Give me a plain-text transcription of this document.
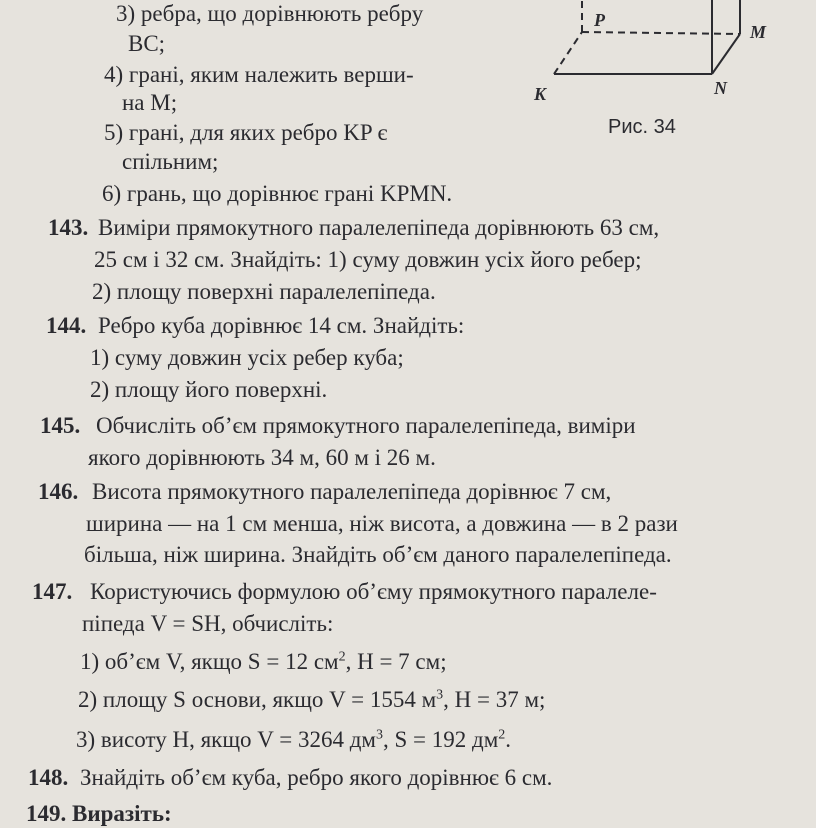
P
M
K	N
Рис. 34
3) ребра, що дорівнюють ребру
BC;
4) грані, яким належить верши-
на M;
5) грані, для яких ребро KP є
спільним;
6) грань, що дорівнює грані KPMN.
143. Виміри прямокутного паралелепіпеда дорівнюють 63 см,
25 см і 32 см. Знайдіть: 1) суму довжин усіх його ребер;
2) площу поверхні паралелепіпеда.
144. Ребро куба дорівнює 14 см. Знайдіть:
1) суму довжин усіх ребер куба;
2) площу його поверхні.
145. Обчисліть об’єм прямокутного паралелепіпеда, виміри
якого дорівнюють 34 м, 60 м і 26 м.
146. Висота прямокутного паралелепіпеда дорівнює 7 см,
ширина — на 1 см менша, ніж висота, а довжина — в 2 рази
більша, ніж ширина. Знайдіть об’єм даного паралелепіпеда.
147. Користуючись формулою об’єму прямокутного паралеле-
піпеда V = SH, обчисліть:
1) об’єм V, якщо S = 12 $см^2$, H = 7 см;
2) площу S основи, якщо V = 1554 $м^3$, H = 37 м;
3) висоту H, якщо V = 3264 $дм^3$, S = 192 $дм^2$.
148. Знайдіть об’єм куба, ребро якого дорівнює 6 см.
149. Виразіть:
